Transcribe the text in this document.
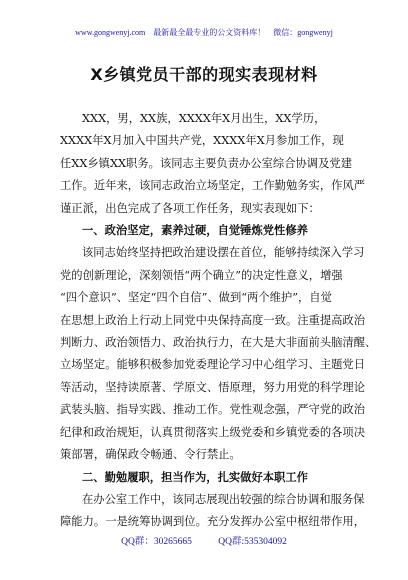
www.gongwenyj.com 最新最全最专业的公文资料库！ 微信：gongwenyj
X乡镇党员干部的现实表现材料

XXX，男，XX族，XXXX年X月出生，XX学历，
XXXX年X月加入中国共产党，XXXX年X月参加工作，现
任XX乡镇XX职务。该同志主要负责办公室综合协调及党建
工作。近年来，该同志政治立场坚定，工作勤勉务实，作风严
谨正派，出色完成了各项工作任务，现实表现如下：

一、政治坚定，素养过硬，自觉锤炼党性修养

该同志始终坚持把政治建设摆在首位，能够持续深入学习
党的创新理论，深刻领悟“两个确立”的决定性意义，增强
“四个意识”、坚定“四个自信”、做到“两个维护”，自觉
在思想上政治上行动上同党中央保持高度一致。注重提高政治
判断力、政治领悟力、政治执行力，在大是大非面前头脑清醒、
立场坚定。能够积极参加党委理论学习中心组学习、主题党日
等活动，坚持读原著、学原文、悟原理，努力用党的科学理论
武装头脑、指导实践、推动工作。党性观念强，严守党的政治
纪律和政治规矩，认真贯彻落实上级党委和乡镇党委的各项决
策部署，确保政令畅通、令行禁止。

二、勤勉履职，担当作为，扎实做好本职工作

在办公室工作中，该同志展现出较强的综合协调和服务保
障能力。一是统筹协调到位。充分发挥办公室中枢纽带作用，

QQ群：30265665	QQ群:535304092
